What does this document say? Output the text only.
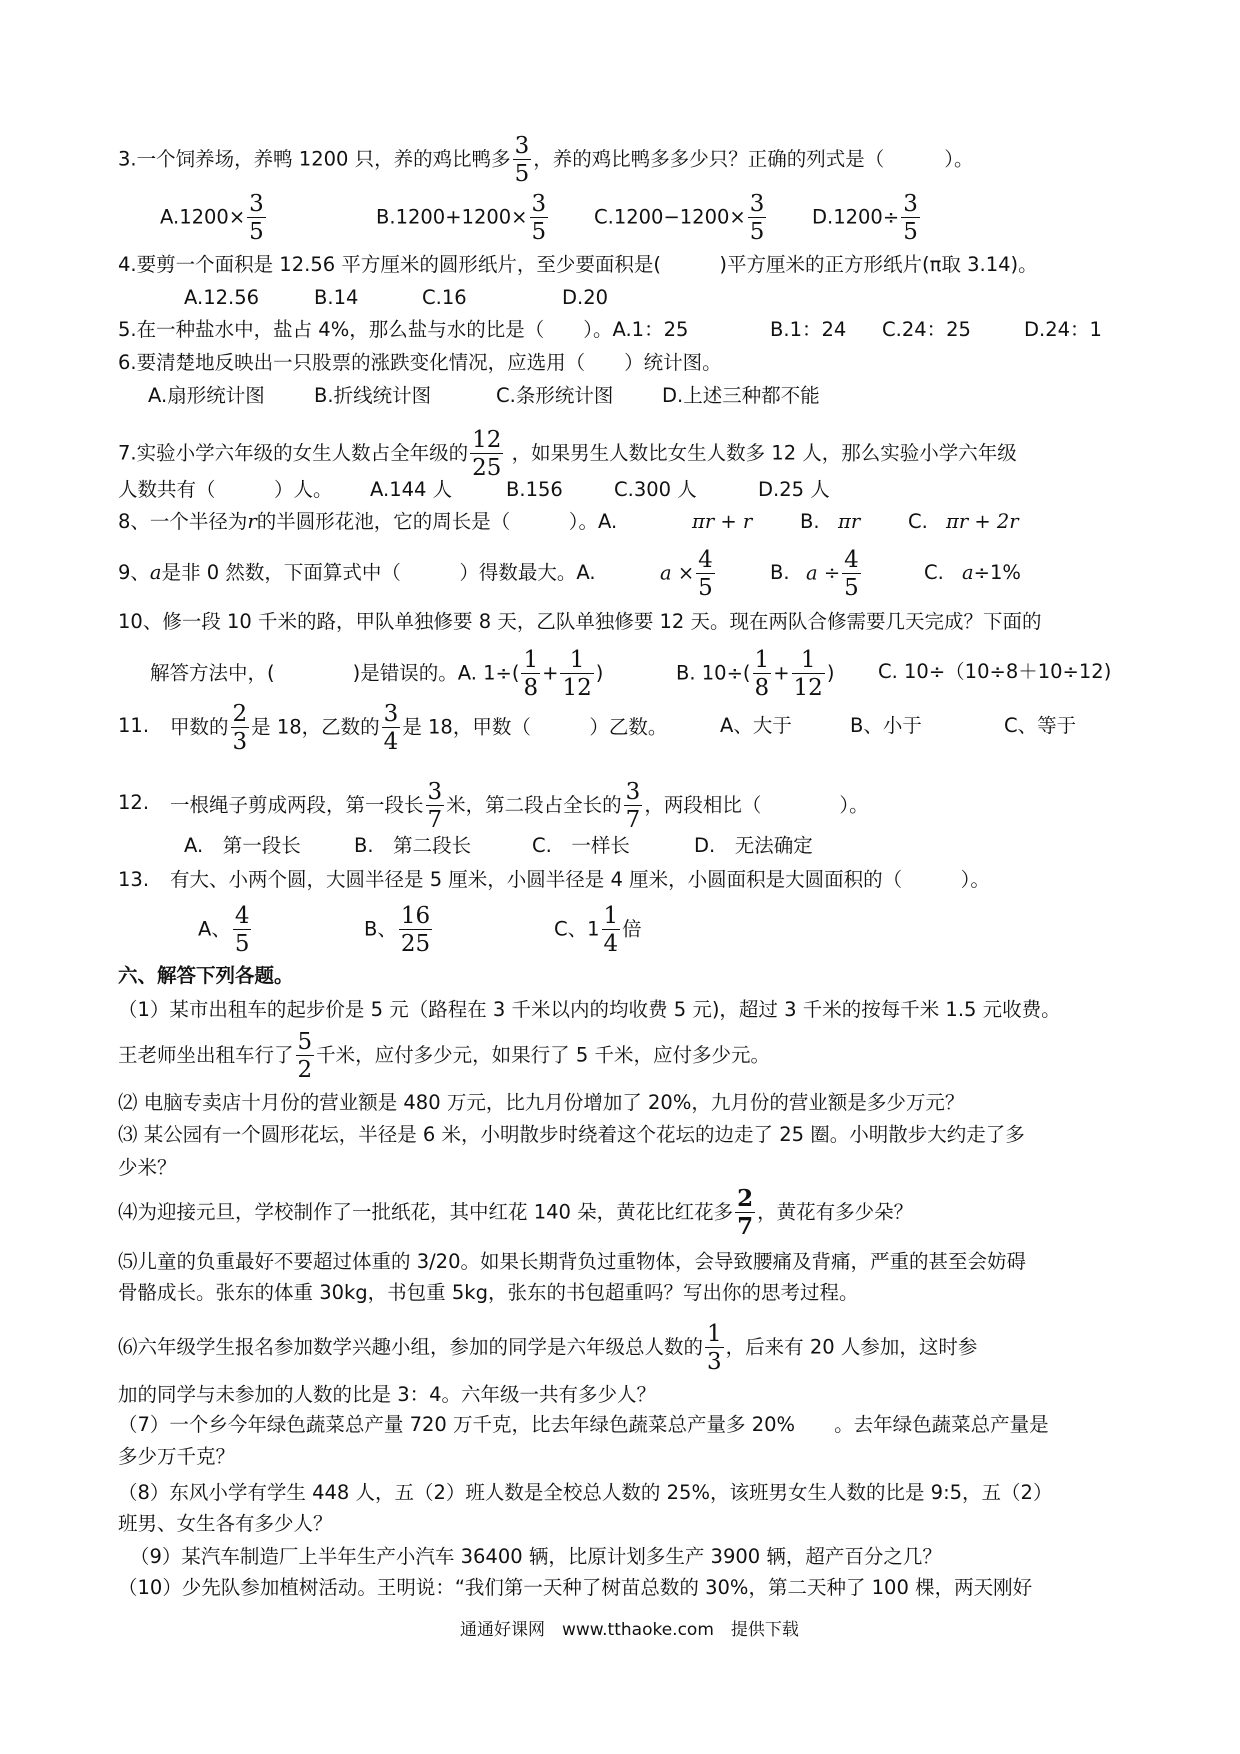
3.一个饲养场，养鸭 1200 只，养的鸡比鸭多 $\frac{3}{5}$ ，养的鸡比鸭多多少只？正确的列式是（	）。
$A.1200\times \frac{3}{5}$	$B.1200+1200\times \frac{3}{5} C.1200-1200\times \frac{3}{5} D.1200\div \frac{3}{5}$
4.要剪一个面积是 12.56 平方厘米的圆形纸片，至少要面积是(　　　)平方厘米的正方形纸片(π取 3.14)。
A.12.56	B.14	C.16	D.20
5.在一种盐水中，盐占 4%，那么盐与水的比是（　　）。A.1：25	B.1：24 C.24：25	D.24：1
6.要清楚地反映出一只股票的涨跌变化情况，应选用（　　）统计图。
A.扇形统计图	B.折线统计图	C.条形统计图 D.上述三种都不能
7.实验小学六年级的女生人数占全年级的 $\frac{12}{25}$ ，如果男生人数比女生人数多 12 人，那么实验小学六年级
人数共有（　　　）人。 A.144 人	B.156	C.300 人	D.25 人
8、一个半径为r的半圆形花池，它的周长是（　　　）。A.	πr + r B. πr C. πr + 2r
9、a是非 0 然数，下面算式中（　　　）得数最大。A.	$a \times \frac{4}{5}$	B. $a \div \frac{4}{5}$	C. a÷1%
10、修一段 10 千米的路，甲队单独修要 8 天，乙队单独修要 12 天。现在两队合修需要几天完成？下面的
解答方法中，(　　　　)是错误的。A. $1\div( \frac{1}{8} + \frac{1}{12}$ )	B. $10\div( \frac{1}{8} + \frac{1}{12}$ ) C. 10÷（10÷8＋10÷12)
11. 甲数的 $\frac{2}{3}$ 是 18，乙数的 $\frac{3}{4}$ 是 18，甲数（　　　）乙数。	A、大于	B、小于	C、等于
12. 一根绳子剪成两段，第一段长 $\frac{3}{7}$ 米，第二段占全长的 $\frac{3}{7}$ ，两段相比（　　　　）。
A.　第一段长	B.　第二段长	C.　一样长	D.　无法确定
13. 有大、小两个圆，大圆半径是 5 厘米，小圆半径是 4 厘米，小圆面积是大圆面积的（　　　）。
A、 $\frac{4}{5}$	B、 $\frac{16}{25}$	C、$1 \frac{1}{4}$ 倍
六、解答下列各题。
（1）某市出租车的起步价是 5 元（路程在 3 千米以内的均收费 5 元)，超过 3 千米的按每千米 1.5 元收费。
王老师坐出租车行了 $\frac{5}{2}$ 千米，应付多少元，如果行了 5 千米，应付多少元。
⑵ 电脑专卖店十月份的营业额是 480 万元，比九月份增加了 20%，九月份的营业额是多少万元？
⑶ 某公园有一个圆形花坛，半径是 6 米，小明散步时绕着这个花坛的边走了 25 圈。小明散步大约走了多
少米？
⑷为迎接元旦，学校制作了一批纸花，其中红花 140 朵，黄花比红花多 $\frac{2}{7}$ ，黄花有多少朵？
⑸儿童的负重最好不要超过体重的 3/20。如果长期背负过重物体，会导致腰痛及背痛，严重的甚至会妨碍
骨骼成长。张东的体重 30kg，书包重 5kg，张东的书包超重吗？写出你的思考过程。
⑹六年级学生报名参加数学兴趣小组，参加的同学是六年级总人数的 $\frac{1}{3}$ ，后来有 20 人参加，这时参
加的同学与未参加的人数的比是 3：4。六年级一共有多少人？
（7）一个乡今年绿色蔬菜总产量 720 万千克，比去年绿色蔬菜总产量多 20%　　。去年绿色蔬菜总产量是
多少万千克？
（8）东风小学有学生 448 人，五（2）班人数是全校总人数的 25%，该班男女生人数的比是 9:5，五（2）
班男、女生各有多少人？
（9）某汽车制造厂上半年生产小汽车 36400 辆，比原计划多生产 3900 辆，超产百分之几？
（10）少先队参加植树活动。王明说：“我们第一天种了树苗总数的 30%，第二天种了 100 棵，两天刚好
通通好课网　www.tthaoke.com　提供下载
